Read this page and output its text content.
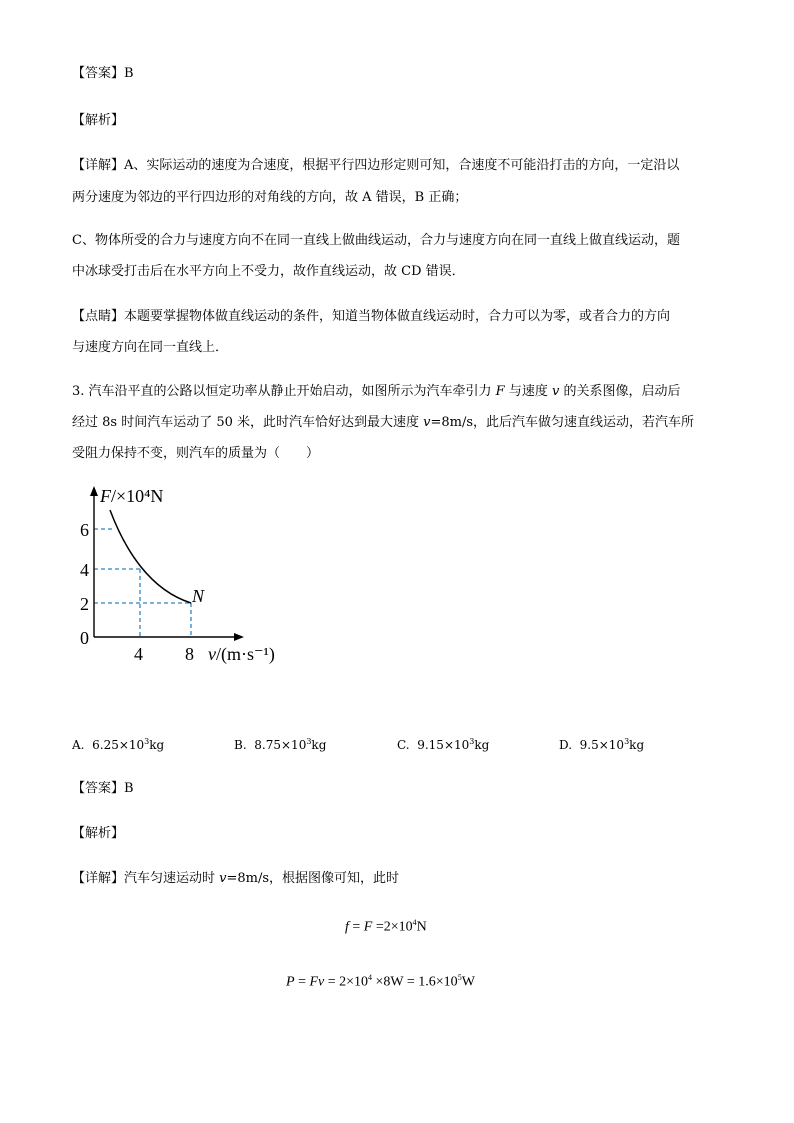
【答案】B
【解析】
【详解】A、实际运动的速度为合速度，根据平行四边形定则可知，合速度不可能沿打击的方向，一定沿以
两分速度为邻边的平行四边形的对角线的方向，故 A 错误，B 正确；
C、物体所受的合力与速度方向不在同一直线上做曲线运动，合力与速度方向在同一直线上做直线运动，题
中冰球受打击后在水平方向上不受力，故作直线运动，故 CD 错误．
【点睛】本题要掌握物体做直线运动的条件，知道当物体做直线运动时，合力可以为零，或者合力的方向
与速度方向在同一直线上．
3. 汽车沿平直的公路以恒定功率从静止开始启动，如图所示为汽车牵引力 F 与速度 v 的关系图像，启动后
经过 8s 时间汽车运动了 50 米，此时汽车恰好达到最大速度 v=8m/s，此后汽车做匀速直线运动，若汽车所
受阻力保持不变，则汽车的质量为（　　）
F/×10⁴N
6
4
2
0
4 8
N
v/(m·s⁻¹)
A. $6.25\times 10^3kg$	B. $8.75\times 10^3kg$	C. $9.15\times 10^3kg$	D. $9.5\times 10^3kg$
【答案】B
【解析】
【详解】汽车匀速运动时 v=8m/s，根据图像可知，此时
$f = F =2\times 10^4N$
$P = Fv = 2\times 10^4 \times 8W = 1.6\times 10^5W$
